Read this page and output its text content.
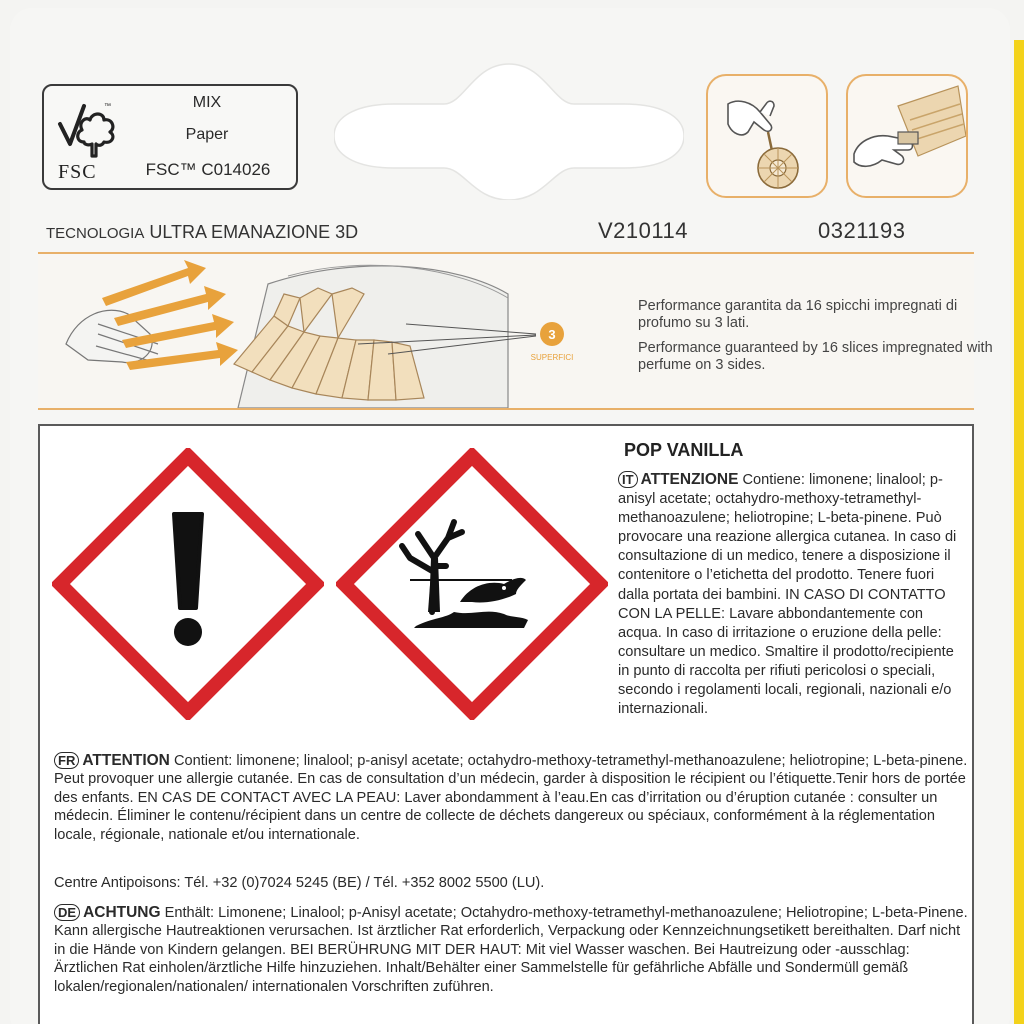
™
FSC
MIX
Paper
FSC™ C014026
TECNOLOGIA ULTRA EMANAZIONE 3D	V210114	0321193
3
SUPERFICI
Performance garantita da 16 spicchi impregnati di profumo su 3 lati.
Performance guaranteed by 16 slices impregnated with perfume on 3 sides.
POP VANILLA
IT ATTENZIONE Contiene: limonene; linalool; p-anisyl acetate; octahydro-methoxy-tetramethyl-methanoazulene; heliotropine; L-beta-pinene. Può provocare una reazione allergica cutanea. In caso di consultazione di un medico, tenere a disposizione il contenitore o l’etichetta del prodotto. Tenere fuori dalla portata dei bambini. IN CASO DI CONTATTO CON LA PELLE: Lavare abbondantemente con acqua. In caso di irritazione o eruzione della pelle: consultare un medico. Smaltire il prodotto/recipiente in punto di raccolta per rifiuti pericolosi o speciali, secondo i regolamenti locali, regionali, nazionali e/o internazionali.
FR ATTENTION Contient: limonene; linalool; p-anisyl acetate; octahydro-methoxy-tetramethyl-methanoazulene; heliotropine; L-beta-pinene. Peut provoquer une allergie cutanée. En cas de consultation d’un médecin, garder à disposition le récipient ou l’étiquette.Tenir hors de portée des enfants. EN CAS DE CONTACT AVEC LA PEAU: Laver abondamment à l’eau.En cas d’irritation ou d’éruption cutanée : consulter un médecin. Éliminer le contenu/récipient dans un centre de collecte de déchets dangereux ou spéciaux, conformément à la réglementation locale, régionale, nationale et/ou internationale.
Centre Antipoisons: Tél. +32 (0)7024 5245 (BE) / Tél. +352 8002 5500 (LU).
DE ACHTUNG Enthält: Limonene; Linalool; p-Anisyl acetate; Octahydro-methoxy-tetramethyl-methanoazulene; Heliotropine; L-beta-Pinene. Kann allergische Hautreaktionen verursachen. Ist ärztlicher Rat erforderlich, Verpackung oder Kennzeichnungsetikett bereithalten. Darf nicht in die Hände von Kindern gelangen. BEI BERÜHRUNG MIT DER HAUT: Mit viel Wasser waschen. Bei Hautreizung oder -ausschlag: Ärztlichen Rat einholen/ärztliche Hilfe hinzuziehen. Inhalt/Behälter einer Sammelstelle für gefährliche Abfälle und Sondermüll gemäß lokalen/regionalen/nationalen/ internationalen Vorschriften zuführen.
